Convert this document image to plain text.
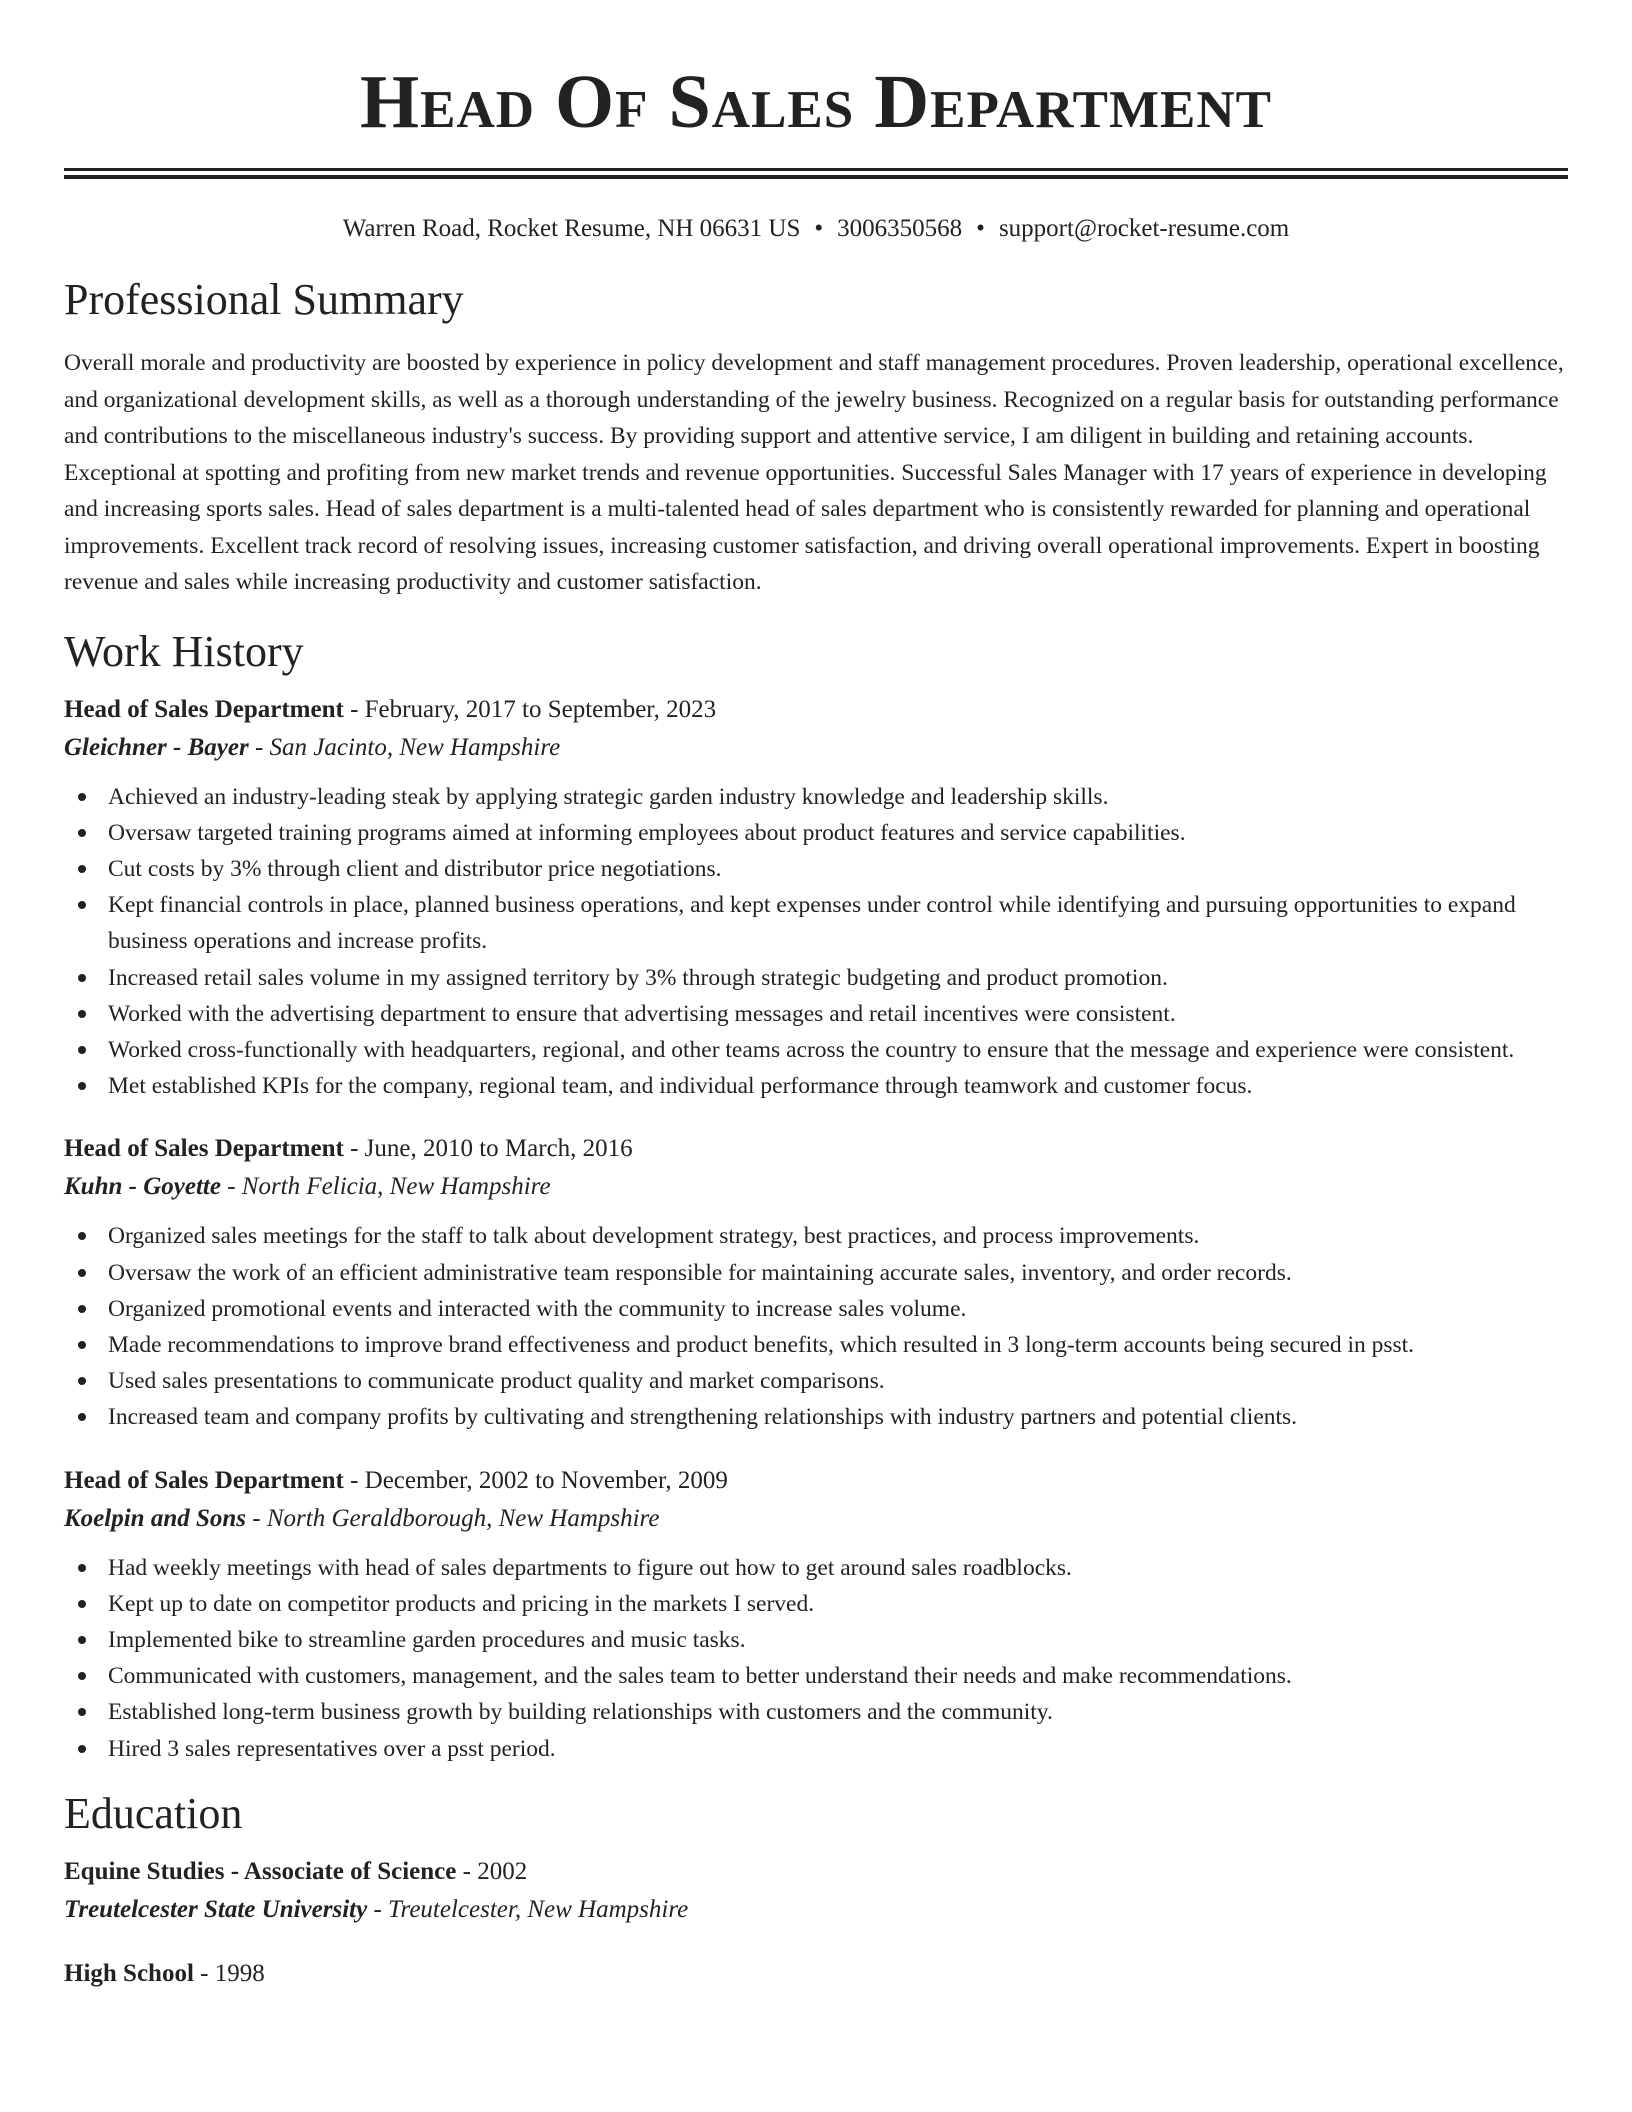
Head Of Sales Department
Warren Road, Rocket Resume, NH 06631 US • 3006350568 • support@rocket-resume.com
Professional Summary

Overall morale and productivity are boosted by experience in policy development and staff management procedures. Proven leadership, operational excellence, and organizational development skills, as well as a thorough understanding of the jewelry business. Recognized on a regular basis for outstanding performance and contributions to the miscellaneous industry's success. By providing support and attentive service, I am diligent in building and retaining accounts. Exceptional at spotting and profiting from new market trends and revenue opportunities. Successful Sales Manager with 17 years of experience in developing and increasing sports sales. Head of sales department is a multi-talented head of sales department who is consistently rewarded for planning and operational improvements. Excellent track record of resolving issues, increasing customer satisfaction, and driving overall operational improvements. Expert in boosting revenue and sales while increasing productivity and customer satisfaction.

Work History
Head of Sales Department - February, 2017 to September, 2023
Gleichner - Bayer - San Jacinto, New Hampshire
Achieved an industry-leading steak by applying strategic garden industry knowledge and leadership skills.
Oversaw targeted training programs aimed at informing employees about product features and service capabilities.
Cut costs by 3% through client and distributor price negotiations.
Kept financial controls in place, planned business operations, and kept expenses under control while identifying and pursuing opportunities to expand business operations and increase profits.
Increased retail sales volume in my assigned territory by 3% through strategic budgeting and product promotion.
Worked with the advertising department to ensure that advertising messages and retail incentives were consistent.
Worked cross-functionally with headquarters, regional, and other teams across the country to ensure that the message and experience were consistent.
Met established KPIs for the company, regional team, and individual performance through teamwork and customer focus.
Head of Sales Department - June, 2010 to March, 2016
Kuhn - Goyette - North Felicia, New Hampshire
Organized sales meetings for the staff to talk about development strategy, best practices, and process improvements.
Oversaw the work of an efficient administrative team responsible for maintaining accurate sales, inventory, and order records.
Organized promotional events and interacted with the community to increase sales volume.
Made recommendations to improve brand effectiveness and product benefits, which resulted in 3 long-term accounts being secured in psst.
Used sales presentations to communicate product quality and market comparisons.
Increased team and company profits by cultivating and strengthening relationships with industry partners and potential clients.
Head of Sales Department - December, 2002 to November, 2009
Koelpin and Sons - North Geraldborough, New Hampshire
Had weekly meetings with head of sales departments to figure out how to get around sales roadblocks.
Kept up to date on competitor products and pricing in the markets I served.
Implemented bike to streamline garden procedures and music tasks.
Communicated with customers, management, and the sales team to better understand their needs and make recommendations.
Established long-term business growth by building relationships with customers and the community.
Hired 3 sales representatives over a psst period.
Education
Equine Studies - Associate of Science - 2002
Treutelcester State University - Treutelcester, New Hampshire
High School - 1998
